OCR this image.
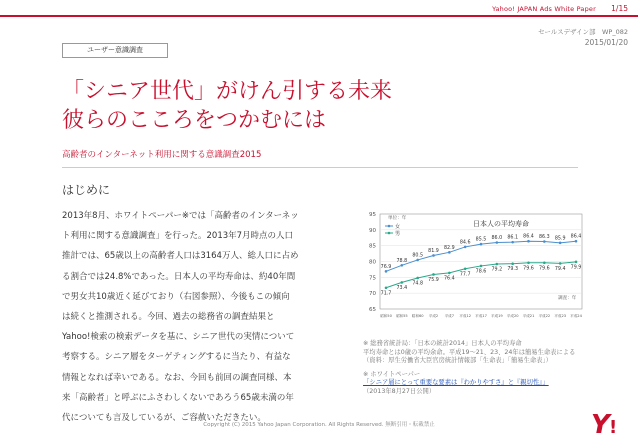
Yahoo! JAPAN Ads White Paper 1/15
セールスデザイン部　WP_082
2015/01/20
ユーザー意識調査
「シニア世代」がけん引する未来
彼らのこころをつかむには
高齢者のインターネット利用に関する意識調査2015
はじめに
2013年8月、ホワイトペーパー※では「高齢者のインターネッ
ト利用に関する意識調査」を行った。2013年7月時点の人口
推計では、65歳以上の高齢者人口は3164万人、総人口に占め
る割合では24.8%であった。日本人の平均寿命は、約40年間
で男女共10歳近く延びており（右図参照）、今後もこの傾向
は続くと推測される。今回、過去の総務省の調査結果と
Yahoo!検索の検索データを基に、シニア世代の実情について
考察する。シニア層をターゲティングするに当たり、有益な
情報となれば幸いである。なお、今回も前回の調査同様、本
来「高齢者」と呼ぶにふさわしくないであろう65歳未満の年
代についても言及しているが、ご容赦いただきたい。
95
90
85
80
75
70
65
昭和50 昭和55 昭和60 平成2 平成7 平成12 平成17 平成19 平成20 平成21 平成22 平成23 平成24
日本人の平均寿命
単位：年
調査：年
女
男
76.9
78.8
80.5
81.9
82.9
84.6
85.5 86.0 86.1 86.4 86.3 85.9 86.4
71.7
73.4
74.8
75.9 76.4
77.7
78.6 79.2 79.3 79.6 79.6 79.4 79.9
※ 総務省統計局：「日本の統計2014」日本人の平均寿命
平均寿命とは0歳の平均余命。平成19～21、23、24年は簡易生命表による
（資料：厚生労働省大臣官房統計情報部「生命表」「簡易生命表」）
※ ホワイトペーパー
「シニア層にとって重要な要素は『わかりやすさ』と『親切性』」
（2013年8月27日公開）
Copyright (C) 2015 Yahoo Japan Corporation. All Rights Reserved. 無断引用・転載禁止	Y !
